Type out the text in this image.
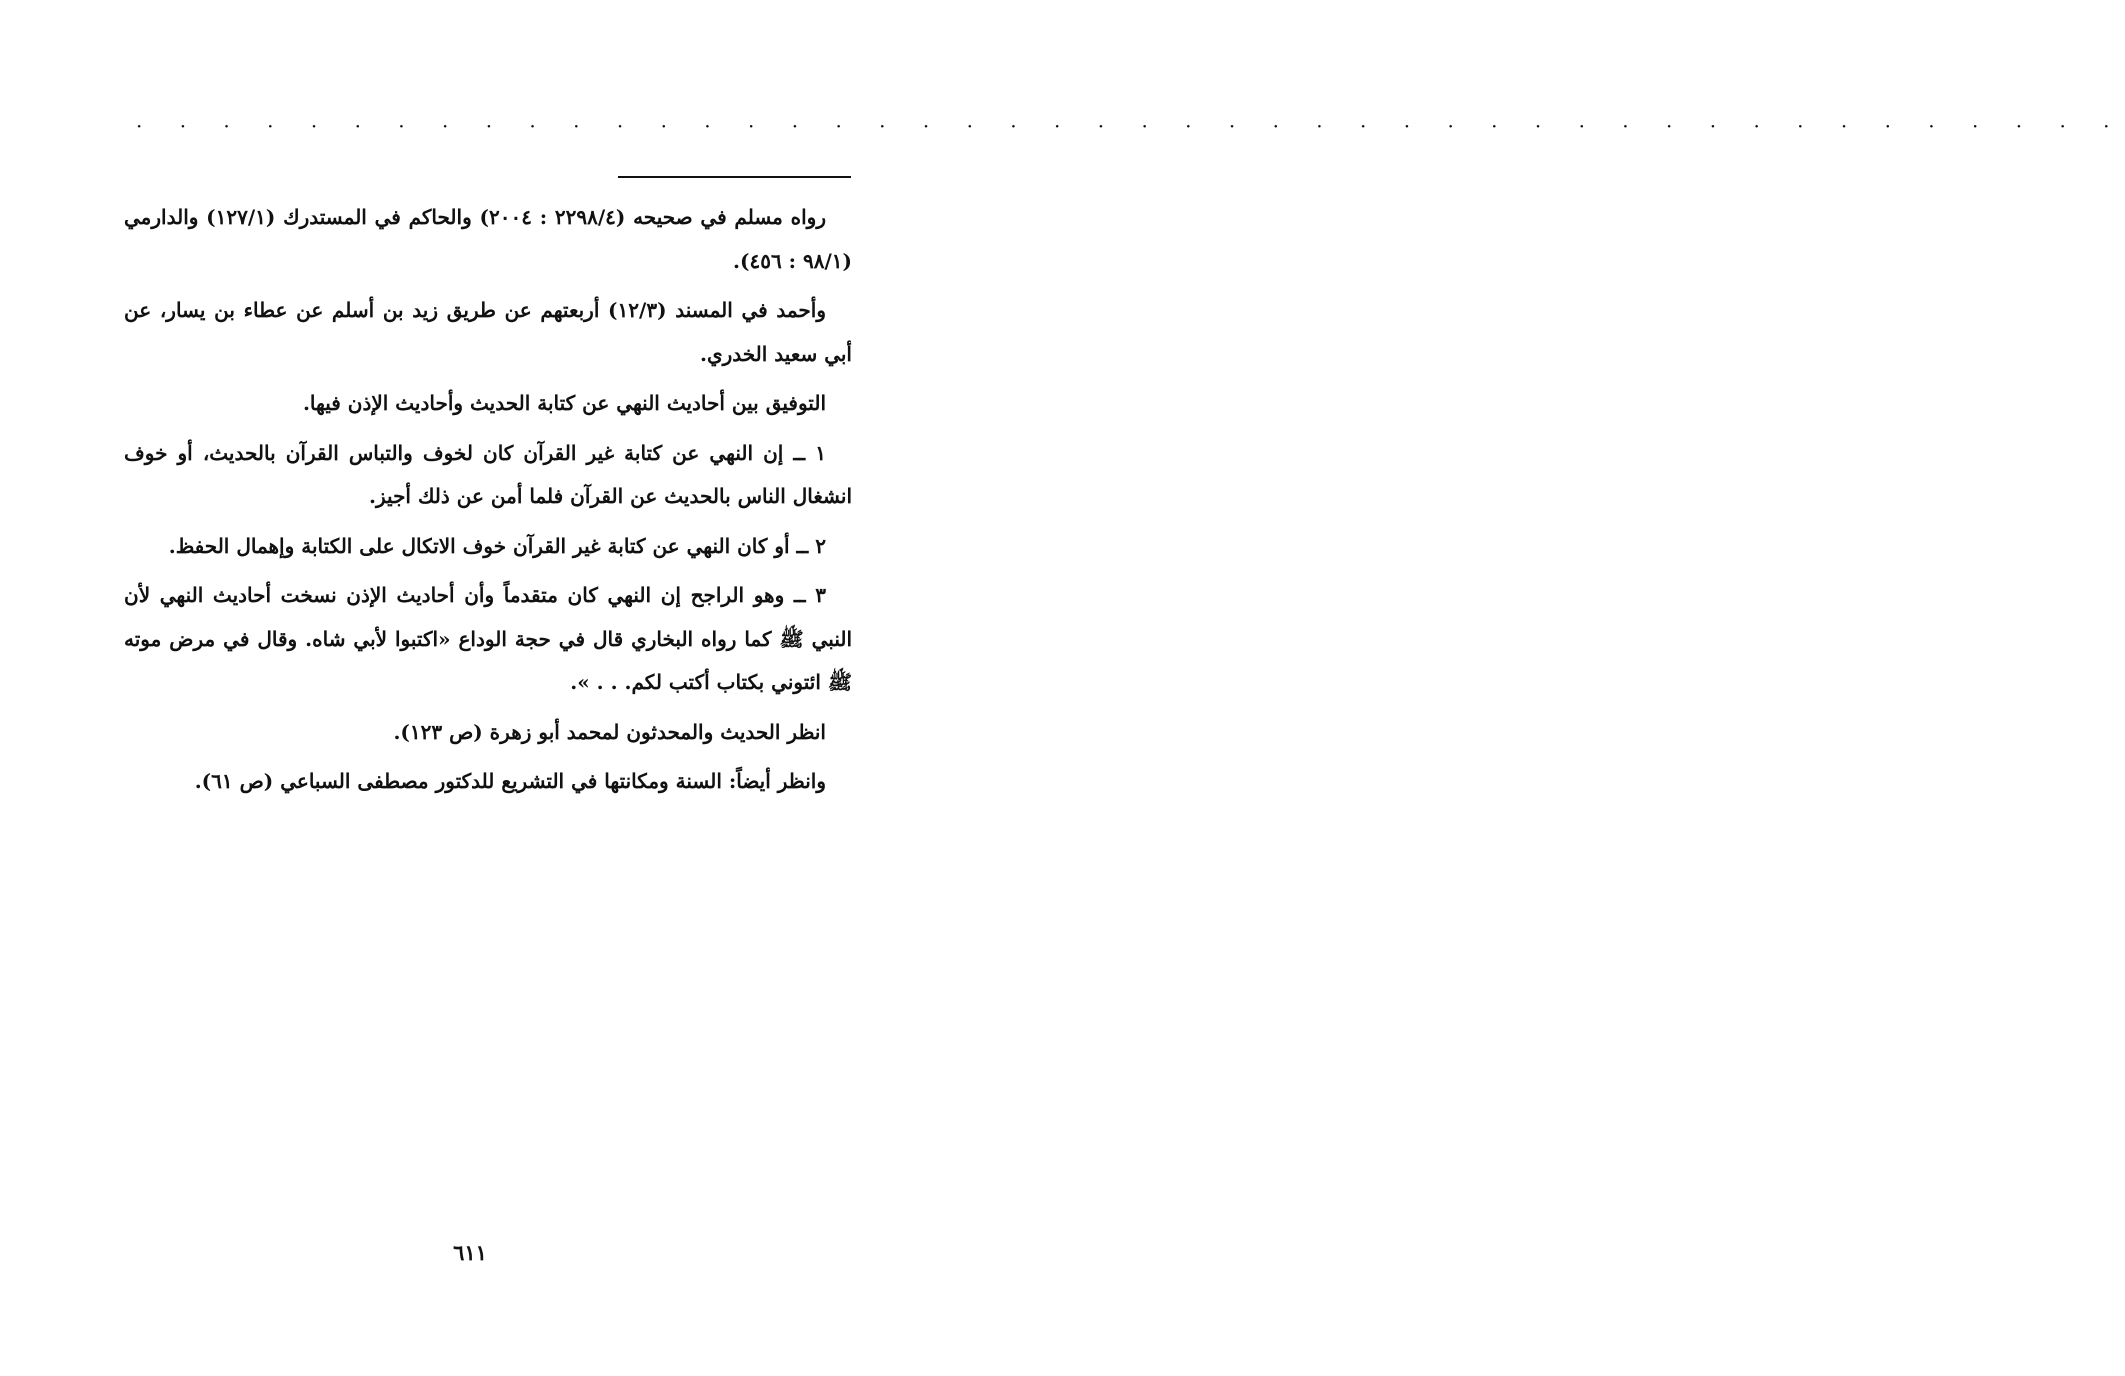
· · · · · · · · · · · · · · · · · · · · · · · · · · · · · · · · · · · · · · · · · · · · · ·

رواه مسلم في صحيحه (٢٢٩٨/٤ : ٢٠٠٤) والحاكم في المستدرك (١٢٧/١) والدارمي (٩٨/١ : ٤٥٦).

وأحمد في المسند (١٢/٣) أربعتهم عن طريق زيد بن أسلم عن عطاء بن يسار، عن أبي سعيد الخدري.

التوفيق بين أحاديث النهي عن كتابة الحديث وأحاديث الإذن فيها.

١ ــ إن النهي عن كتابة غير القرآن كان لخوف والتباس القرآن بالحديث، أو خوف انشغال الناس بالحديث عن القرآن فلما أمن عن ذلك أجيز.

٢ ــ أو كان النهي عن كتابة غير القرآن خوف الاتكال على الكتابة وإهمال الحفظ.

٣ ــ وهو الراجح إن النهي كان متقدماً وأن أحاديث الإذن نسخت أحاديث النهي لأن النبي ﷺ كما رواه البخاري قال في حجة الوداع «اكتبوا لأبي شاه. وقال في مرض موته ﷺ ائتوني بكتاب أكتب لكم. . . ».

انظر الحديث والمحدثون لمحمد أبو زهرة (ص ١٢٣).

وانظر أيضاً: السنة ومكانتها في التشريع للدكتور مصطفى السباعي (ص ٦١).

٦١١
